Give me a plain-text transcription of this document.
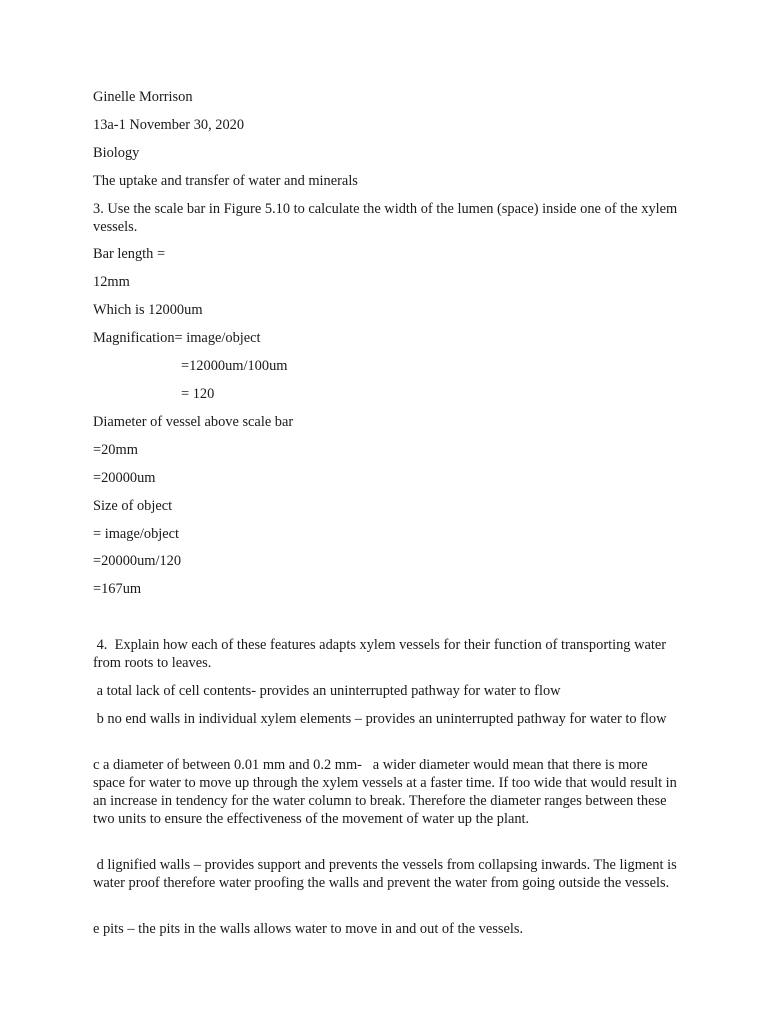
Ginelle Morrison
13a-1 November 30, 2020
Biology
The uptake and transfer of water and minerals
3. Use the scale bar in Figure 5.10 to calculate the width of the lumen (space) inside one of the xylem vessels.
Bar length =
12mm
Which is 12000um
Magnification= image/object
=12000um/100um
= 120
Diameter of vessel above scale bar
=20mm
=20000um
Size of object
= image/object
=20000um/120
=167um
4.  Explain how each of these features adapts xylem vessels for their function of transporting water from roots to leaves.
a total lack of cell contents- provides an uninterrupted pathway for water to flow
b no end walls in individual xylem elements – provides an uninterrupted pathway for water to flow
c a diameter of between 0.01 mm and 0.2 mm-   a wider diameter would mean that there is more space for water to move up through the xylem vessels at a faster time. If too wide that would result in an increase in tendency for the water column to break. Therefore the diameter ranges between these two units to ensure the effectiveness of the movement of water up the plant.
d lignified walls – provides support and prevents the vessels from collapsing inwards. The ligment is water proof therefore water proofing the walls and prevent the water from going outside the vessels.
e pits – the pits in the walls allows water to move in and out of the vessels.
